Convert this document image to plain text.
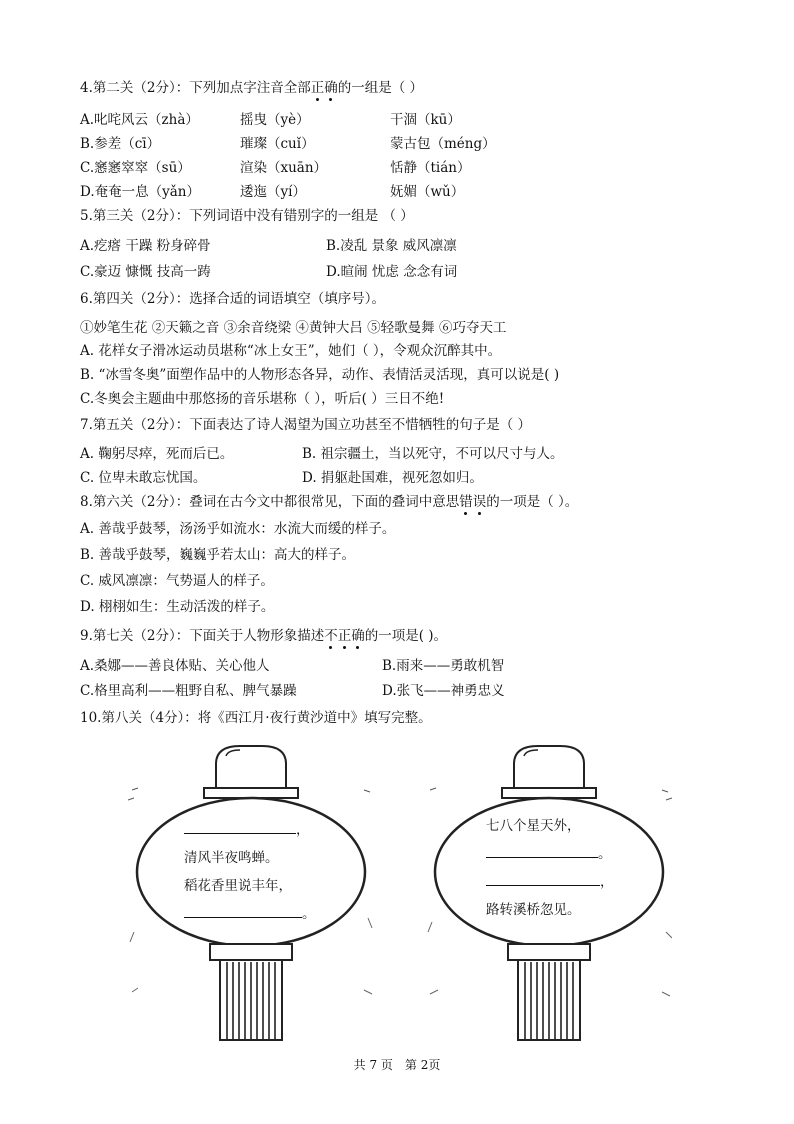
4.第二关（2分）：下列加点字注音全部正确的一组是（ ）
A.叱咤风云（zhà）	摇曳（yè）	干涸（kū）
B.参差（cī）	璀璨（cuǐ）	蒙古包（méng）
C.窸窸窣窣（sū）	渲染（xuān）	恬静（tián）
D.奄奄一息（yǎn）	逶迤（yí）	妩媚（wǔ）
5.第三关（2分）：下列词语中没有错别字的一组是 （ ）
A.疙瘩 干躁 粉身碎骨	B.凌乱 景象 威风凛凛
C.豪迈 慷慨 技高一踌	D.暄闹 忧虑 念念有词
6.第四关（2分）：选择合适的词语填空（填序号）。
①妙笔生花 ②天籁之音 ③余音绕梁 ④黄钟大吕 ⑤轻歌曼舞 ⑥巧夺天工
A. 花样女子滑冰运动员堪称“冰上女王”，她们（ ），令观众沉醉其中。
B. “冰雪冬奥”面塑作品中的人物形态各异，动作、表情活灵活现，真可以说是( )
C.冬奥会主题曲中那悠扬的音乐堪称（ ），听后( ）三日不绝!
7.第五关（2分）：下面表达了诗人渴望为国立功甚至不惜牺牲的句子是（ ）
A. 鞠躬尽瘁，死而后已。	B. 祖宗疆土，当以死守，不可以尺寸与人。
C. 位卑未敢忘忧国。	D. 捐躯赴国难，视死忽如归。
8.第六关（2分）：叠词在古今文中都很常见，下面的叠词中意思错误的一项是（ ）。
A. 善哉乎鼓琴，汤汤乎如流水：水流大而缓的样子。
B. 善哉乎鼓琴，巍巍乎若太山：高大的样子。
C. 威风凛凛：气势逼人的样子。
D. 栩栩如生：生动活泼的样子。
9.第七关（2分）：下面关于人物形象描述不正确的一项是( )。
A.桑娜——善良体贴、关心他人	B.雨来——勇敢机智
C.格里高利——粗野自私、脾气暴躁	D.张飞——神勇忠义
10.第八关（4分）：将《西江月·夜行黄沙道中》填写完整。
，
清风半夜鸣蝉。
稻花香里说丰年，
。
七八个星天外，
。
，
路转溪桥忽见。
共 7 页 第 2页
